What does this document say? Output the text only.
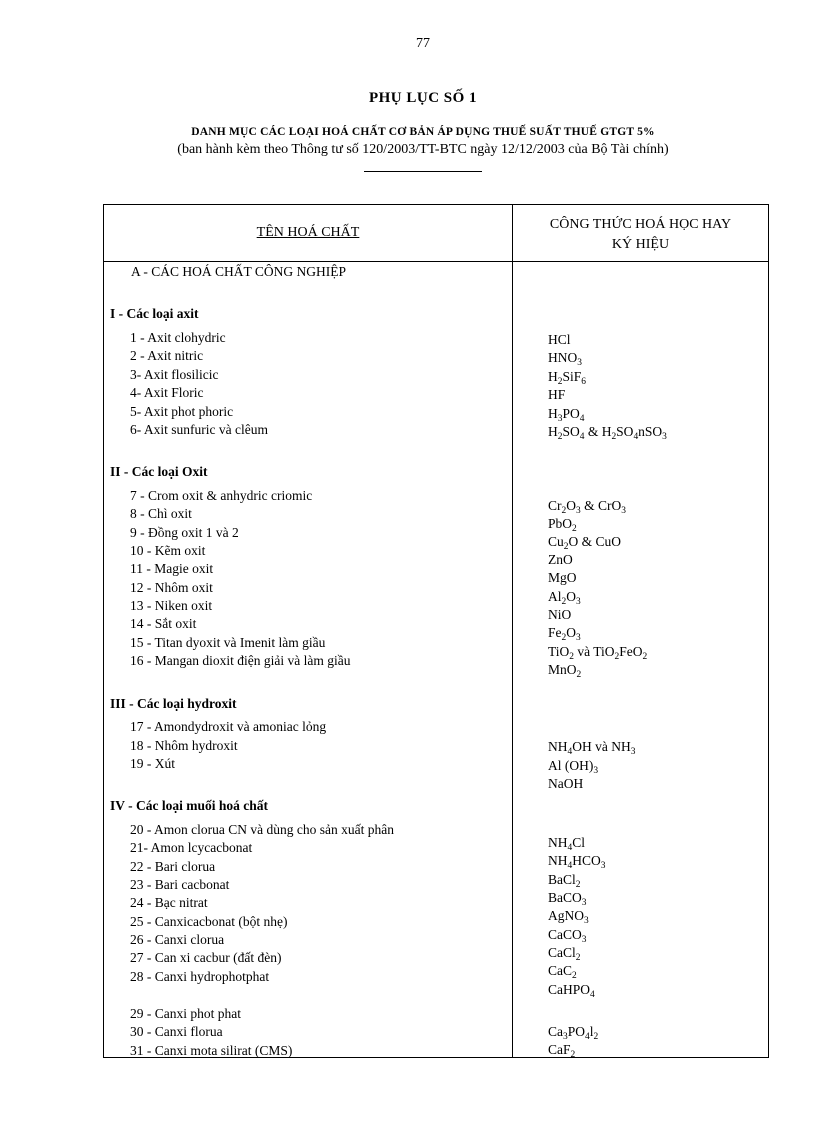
77
PHỤ LỤC SỐ 1
DANH MỤC CÁC LOẠI HOÁ CHẤT CƠ BẢN ÁP DỤNG THUẾ SUẤT THUẾ GTGT 5%
(ban hành kèm theo Thông tư số 120/2003/TT-BTC ngày 12/12/2003 của Bộ Tài chính)
TÊN HOÁ CHẤT
CÔNG THỨC HOÁ HỌC HAY
KÝ HIỆU
A - CÁC HOÁ CHẤT CÔNG NGHIỆP
I - Các loại axit
II - Các loại Oxit
III - Các loại hydroxit
IV - Các loại muối hoá chất
1 - Axit clohydric
2 - Axit nitric
3- Axit flosilicic
4- Axit Floric
5- Axit phot phoric
6- Axit sunfuric và clêum
7 - Crom oxit & anhydric criomic
8 - Chì oxit
9 - Đồng oxit 1 và 2
10 - Kẽm oxit
11 - Magie oxit
12 - Nhôm oxit
13 - Niken oxit
14 - Sắt oxit
15 - Titan dyoxit và Imenit làm giầu
16 - Mangan dioxit điện giải và làm giầu
17 - Amondydroxit và amoniac lỏng
18 - Nhôm hydroxit
19 - Xút
20 - Amon clorua CN và dùng cho sản xuất phân
21- Amon lcycacbonat
22 - Bari clorua
23 - Bari cacbonat
24 - Bạc nitrat
25 - Canxicacbonat (bột nhẹ)
26 - Canxi clorua
27 - Can xi cacbur (đất đèn)
28 - Canxi hydrophotphat
29 - Canxi phot phat
30 - Canxi florua
31 - Canxi mota silirat (CMS)
HCl
$HNO_3$
$H_2SiF_6$
HF
$H_3PO_4$
$H_2SO_4$ & $H_2SO_4nSO_3$
$Cr_2O_3$ & CrO$_3$
PbO$_2$
$Cu_2O$ & CuO
ZnO
MgO
$Al_2O_3$
NiO
$Fe_2O_3$
TiO$_2$ và TiO$_2$FeO$_2$
MnO$_2$
$NH_4OH$ và $NH_3$
Al $(OH)_3$
NaOH
$NH_4Cl$
$NH_4HCO_3$
BaCl$_2$
BaCO$_3$
AgNO$_3$
CaCO$_3$
CaCl$_2$
CaC$_2$
CaHPO$_4$
$Ca_3PO_4l_2$
CaF$_2$
